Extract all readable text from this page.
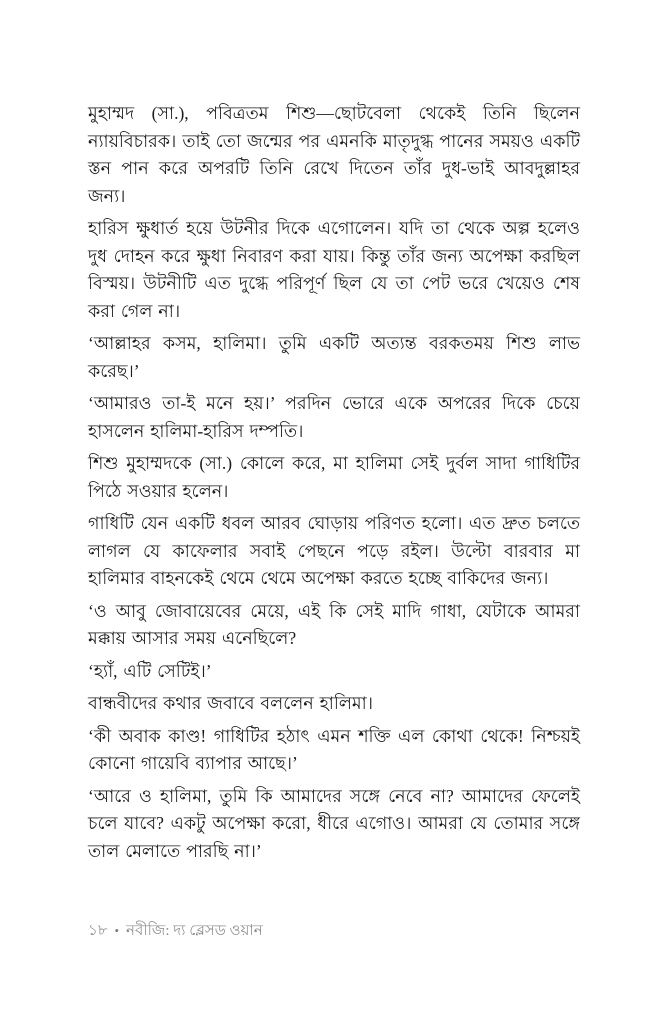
মুহাম্মদ (সা.), পবিত্রতম শিশু—ছোটবেলা থেকেই তিনি ছিলেন ন্যায়বিচারক। তাই তো জন্মের পর এমনকি মাতৃদুগ্ধ পানের সময়ও একটি স্তন পান করে অপরটি তিনি রেখে দিতেন তাঁর দুধ-ভাই আবদুল্লাহর জন্য।

হারিস ক্ষুধার্ত হয়ে উটনীর দিকে এগোলেন। যদি তা থেকে অল্প হলেও দুধ দোহন করে ক্ষুধা নিবারণ করা যায়। কিন্তু তাঁর জন্য অপেক্ষা করছিল বিস্ময়। উটনীটি এত দুগ্ধে পরিপূর্ণ ছিল যে তা পেট ভরে খেয়েও শেষ করা গেল না।

‘আল্লাহর কসম, হালিমা। তুমি একটি অত্যন্ত বরকতময় শিশু লাভ করেছ।’

‘আমারও তা-ই মনে হয়।’ পরদিন ভোরে একে অপরের দিকে চেয়ে হাসলেন হালিমা-হারিস দম্পতি।

শিশু মুহাম্মদকে (সা.) কোলে করে, মা হালিমা সেই দুর্বল সাদা গাধিটির পিঠে সওয়ার হলেন।

গাধিটি যেন একটি ধবল আরব ঘোড়ায় পরিণত হলো। এত দ্রুত চলতে লাগল যে কাফেলার সবাই পেছনে পড়ে রইল। উল্টো বারবার মা হালিমার বাহনকেই থেমে থেমে অপেক্ষা করতে হচ্ছে বাকিদের জন্য।

‘ও আবু জোবায়েবের মেয়ে, এই কি সেই মাদি গাধা, যেটাকে আমরা মক্কায় আসার সময় এনেছিলে?

‘হ্যাঁ, এটি সেটিই।’

বান্ধবীদের কথার জবাবে বললেন হালিমা।

‘কী অবাক কাণ্ড! গাধিটির হঠাৎ এমন শক্তি এল কোথা থেকে! নিশ্চয়ই কোনো গায়েবি ব্যাপার আছে।’

‘আরে ও হালিমা, তুমি কি আমাদের সঙ্গে নেবে না? আমাদের ফেলেই চলে যাবে? একটু অপেক্ষা করো, ধীরে এগোও। আমরা যে তোমার সঙ্গে তাল মেলাতে পারছি না।’

১৮ • নবীজি: দ্য ব্লেসড ওয়ান
